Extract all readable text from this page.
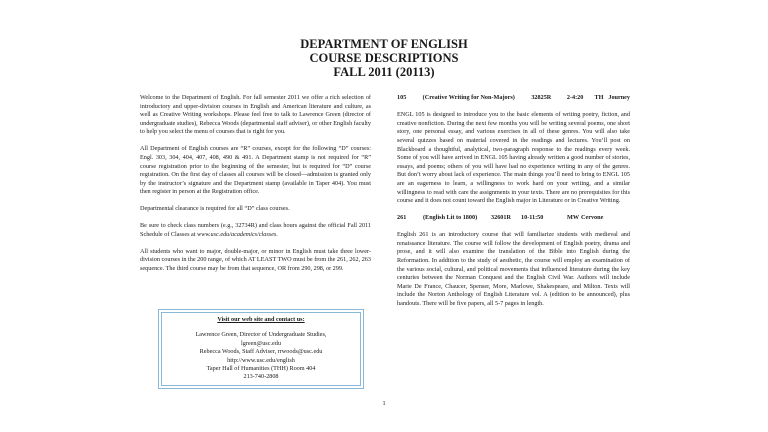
DEPARTMENT OF ENGLISH
COURSE DESCRIPTIONS
FALL 2011 (20113)

Welcome to the Department of English. For fall semester 2011 we offer a rich selection of introductory and upper-division courses in English and American literature and culture, as well as Creative Writing workshops. Please feel free to talk to Lawrence Green (director of undergraduate studies), Rebecca Woods (departmental staff adviser), or other English faculty to help you select the menu of courses that is right for you.

All Department of English courses are “R” courses, except for the following “D” courses: Engl. 303, 304, 404, 407, 408, 490 & 491. A Department stamp is not required for “R” course registration prior to the beginning of the semester, but is required for “D” course registration. On the first day of classes all courses will be closed—admission is granted only by the instructor’s signature and the Department stamp (available in Taper 404). You must then register in person at the Registration office.

Departmental clearance is required for all “D” class courses.

Be sure to check class numbers (e.g., 32734R) and class hours against the official Fall 2011 Schedule of Classes at www.usc.edu/academics/classes.

All students who want to major, double-major, or minor in English must take three lower-division courses in the 200 range, of which AT LEAST TWO must be from the 261, 262, 263 sequence. The third course may be from that sequence, OR from 290, 298, or 299.

Visit our web site and contact us:
Lawrence Green, Director of Undergraduate Studies,
lgreen@usc.edu
Rebecca Woods, Staff Adviser, rrwoods@usc.edu
http://www.usc.edu/english
Taper Hall of Humanities (THH) Room 404
213-740-2808
105	(Creative Writing for Non-Majors)	32825R	2-4:20	TH Journey

ENGL 105 is designed to introduce you to the basic elements of writing poetry, fiction, and creative nonfiction. During the next few months you will be writing several poems, one short story, one personal essay, and various exercises in all of these genres. You will also take several quizzes based on material covered in the readings and lectures. You’ll post on Blackboard a thoughtful, analytical, two-paragraph response to the readings every week. Some of you will have arrived in ENGL 105 having already written a good number of stories, essays, and poems; others of you will have had no experience writing in any of the genres. But don’t worry about lack of experience. The main things you’ll need to bring to ENGL 105 are an eagerness to learn, a willingness to work hard on your writing, and a similar willingness to read with care the assignments in your texts. There are no prerequisites for this course and it does not count toward the English major in Literature or in Creative Writing.

261	(English Lit to 1800)	32601R	10-11:50	MW Cervone

English 261 is an introductory course that will familiarize students with medieval and renaissance literature. The course will follow the development of English poetry, drama and prose, and it will also examine the translation of the Bible into English during the Reformation. In addition to the study of aesthetic, the course will employ an examination of the various social, cultural, and political movements that influenced literature during the key centuries between the Norman Conquest and the English Civil War. Authors will include Marie De France, Chaucer, Spenser, More, Marlowe, Shakespeare, and Milton. Texts will include the Norton Anthology of English Literature vol. A (edition to be announced), plus handouts. There will be five papers, all 5-7 pages in length.

1
